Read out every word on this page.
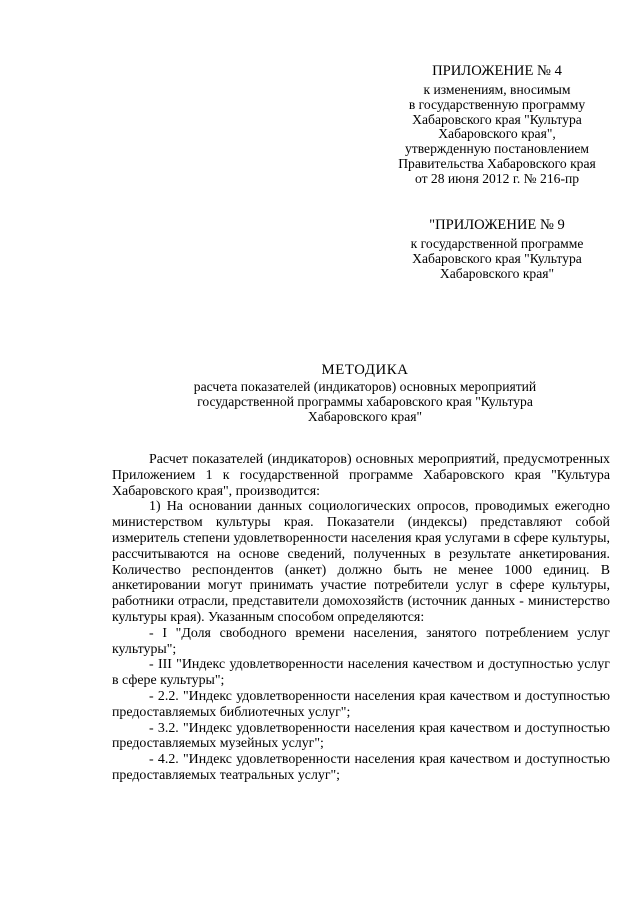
ПРИЛОЖЕНИЕ № 4
к изменениям, вносимым
в государственную программу
Хабаровского края "Культура
Хабаровского края",
утвержденную постановлением
Правительства Хабаровского края
от 28 июня 2012 г. № 216-пр
"ПРИЛОЖЕНИЕ № 9
к государственной программе
Хабаровского края "Культура
Хабаровского края"
МЕТОДИКА
расчета показателей (индикаторов) основных мероприятий
государственной программы хабаровского края "Культура
Хабаровского края"

Расчет показателей (индикаторов) основных мероприятий, предусмотренных Приложением 1 к государственной программе Хабаровского края "Культура Хабаровского края", производится:

1) На основании данных социологических опросов, проводимых ежегодно министерством культуры края. Показатели (индексы) представляют собой измеритель степени удовлетворенности населения края услугами в сфере культуры, рассчитываются на основе сведений, полученных в результате анкетирования. Количество респондентов (анкет) должно быть не менее 1000 единиц. В анкетировании могут принимать участие потребители услуг в сфере культуры, работники отрасли, представители домохозяйств (источник данных - министерство культуры края). Указанным способом определяются:

- I "Доля свободного времени населения, занятого потреблением услуг культуры";

- III "Индекс удовлетворенности населения качеством и доступностью услуг в сфере культуры";

- 2.2. "Индекс удовлетворенности населения края качеством и доступностью предоставляемых библиотечных услуг";

- 3.2. "Индекс удовлетворенности населения края качеством и доступностью предоставляемых музейных услуг";

- 4.2. "Индекс удовлетворенности населения края качеством и доступностью предоставляемых театральных услуг";
